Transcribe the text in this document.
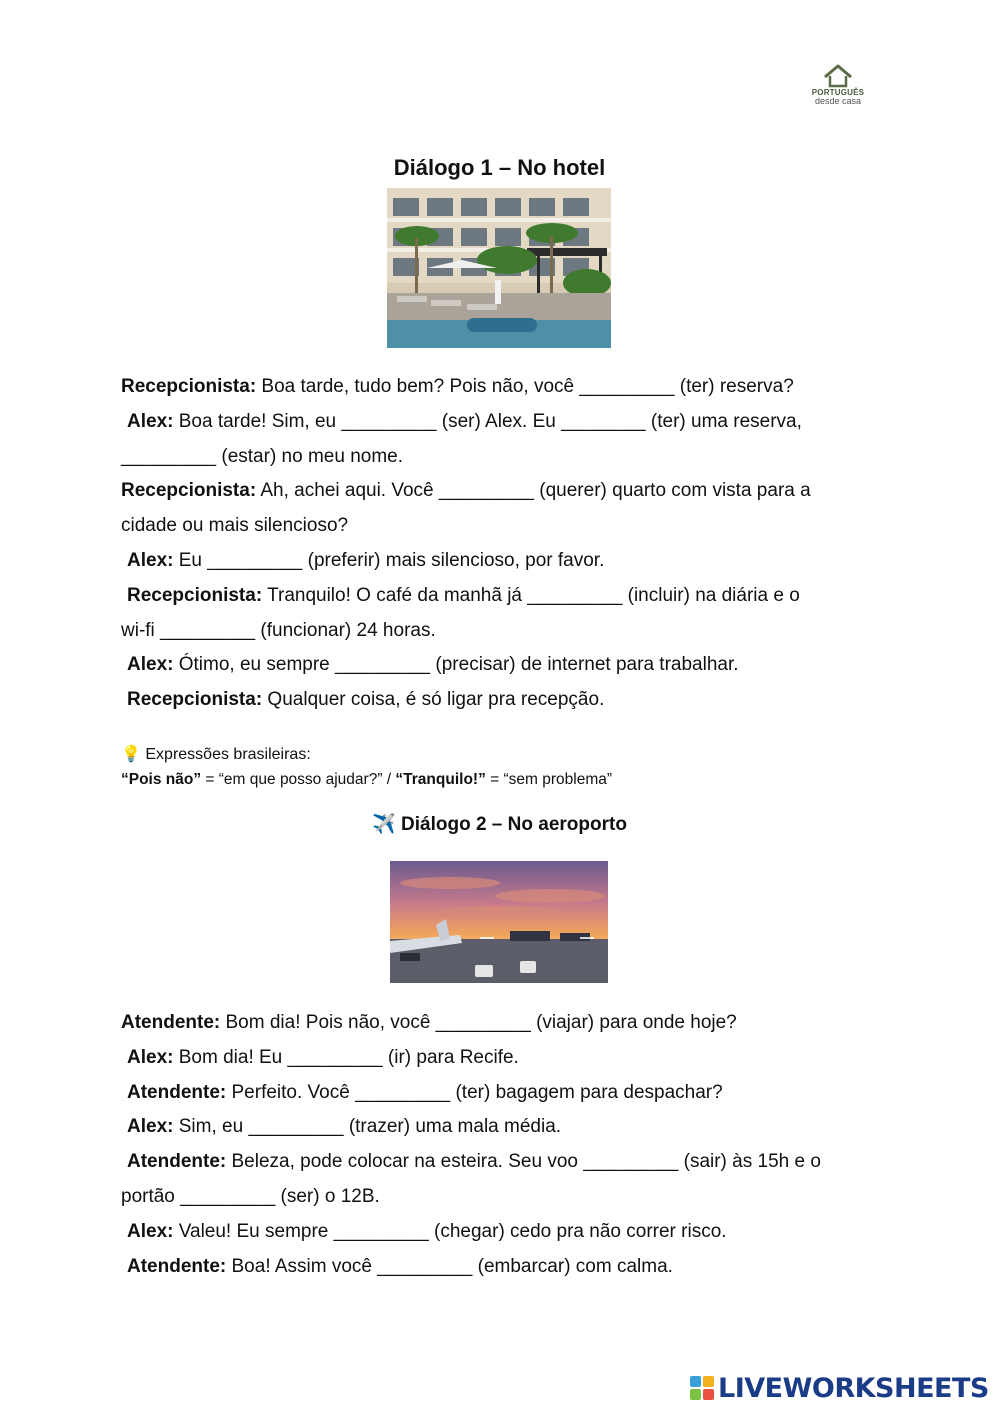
PORTUGUÊS
desde casa
Diálogo 1 – No hotel
Recepcionista: Boa tarde, tudo bem? Pois não, você _________ (ter) reserva?
Alex: Boa tarde! Sim, eu _________ (ser) Alex. Eu ________ (ter) uma reserva,
_________ (estar) no meu nome.
Recepcionista: Ah, achei aqui. Você _________ (querer) quarto com vista para a
cidade ou mais silencioso?
Alex: Eu _________ (preferir) mais silencioso, por favor.
Recepcionista: Tranquilo! O café da manhã já _________ (incluir) na diária e o
wi-fi _________ (funcionar) 24 horas.
Alex: Ótimo, eu sempre _________ (precisar) de internet para trabalhar.
Recepcionista: Qualquer coisa, é só ligar pra recepção.
💡 Expressões brasileiras:
“Pois não” = “em que posso ajudar?” / “Tranquilo!” = “sem problema”
✈️ Diálogo 2 – No aeroporto
Atendente: Bom dia! Pois não, você _________ (viajar) para onde hoje?
Alex: Bom dia! Eu _________ (ir) para Recife.
Atendente: Perfeito. Você _________ (ter) bagagem para despachar?
Alex: Sim, eu _________ (trazer) uma mala média.
Atendente: Beleza, pode colocar na esteira. Seu voo _________ (sair) às 15h e o
portão _________ (ser) o 12B.
Alex: Valeu! Eu sempre _________ (chegar) cedo pra não correr risco.
Atendente: Boa! Assim você _________ (embarcar) com calma.
LIVEWORKSHEETS
